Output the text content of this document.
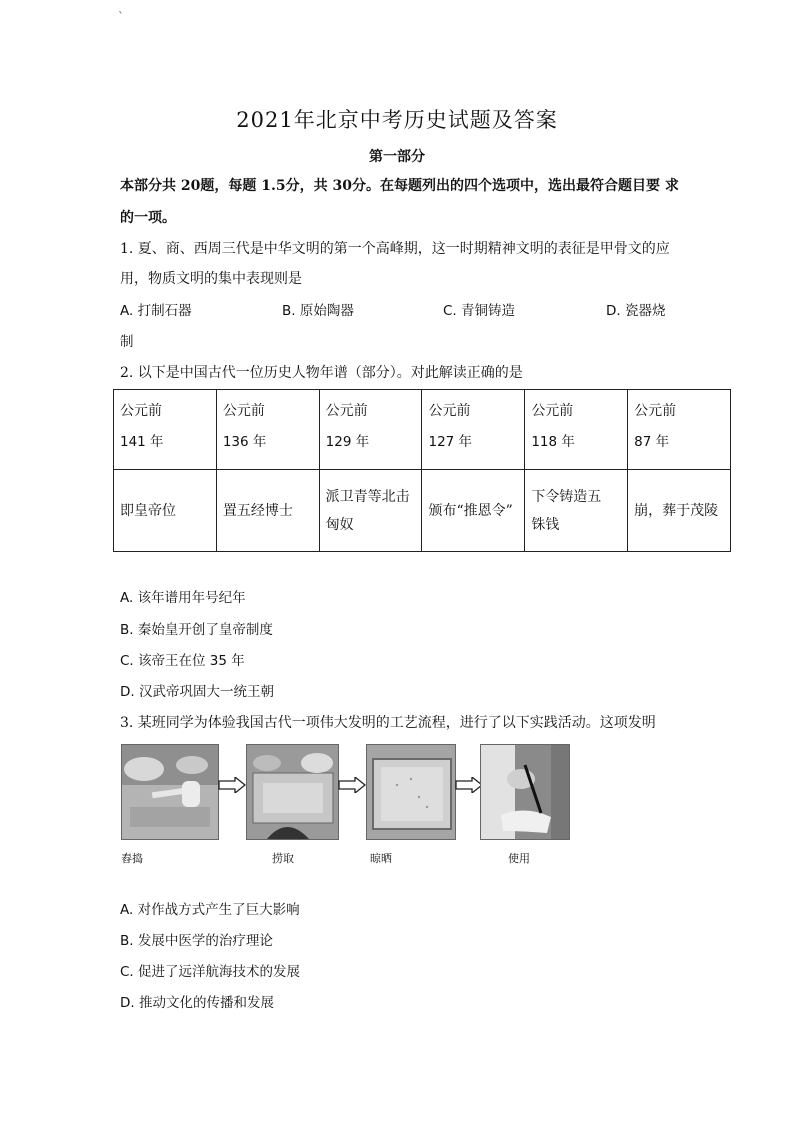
`
2021年北京中考历史试题及答案
第一部分
本部分共 20题，每题 1.5分，共 30分。在每题列出的四个选项中，选出最符合题目要 求
的一项。
1. 夏、商、西周三代是中华文明的第一个高峰期，这一时期精神文明的表征是甲骨文的应
用，物质文明的集中表现则是
A. 打制石器	B. 原始陶器	C. 青铜铸造	D. 瓷器烧
制
2. 以下是中国古代一位历史人物年谱（部分）。对此解读正确的是
公元前
141 年	公元前
136 年	公元前
129 年	公元前
127 年	公元前
118 年	公元前
87 年
即皇帝位	置五经博士	派卫青等北击
匈奴	颁布“推恩令”	下令铸造五
铢钱	崩，葬于茂陵
A. 该年谱用年号纪年
B. 秦始皇开创了皇帝制度
C. 该帝王在位 35 年
D. 汉武帝巩固大一统王朝
3. 某班同学为体验我国古代一项伟大发明的工艺流程，进行了以下实践活动。这项发明
舂捣	捞取	晾晒	使用
A. 对作战方式产生了巨大影响
B. 发展中医学的治疗理论
C. 促进了远洋航海技术的发展
D. 推动文化的传播和发展
